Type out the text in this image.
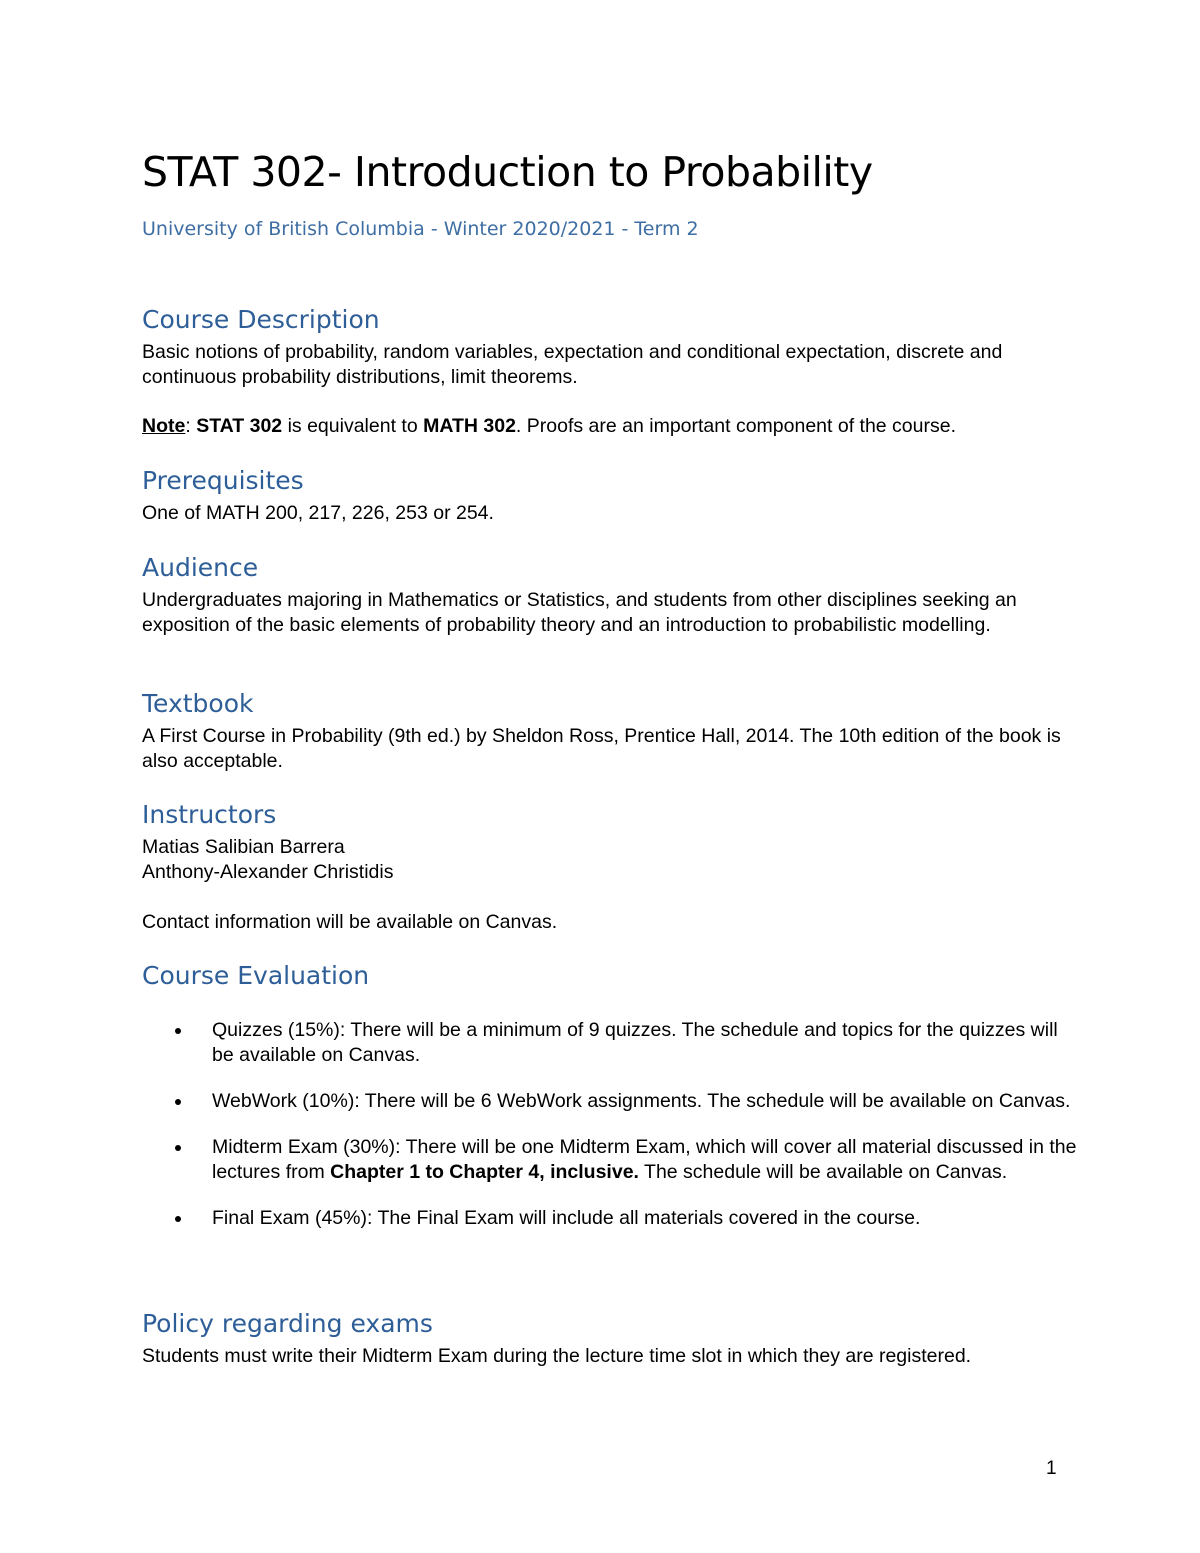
STAT 302- Introduction to Probability

University of British Columbia - Winter 2020/2021 - Term 2

Course Description

Basic notions of probability, random variables, expectation and conditional expectation, discrete and continuous probability distributions, limit theorems.

Note: STAT 302 is equivalent to MATH 302. Proofs are an important component of the course.

Prerequisites

One of MATH 200, 217, 226, 253 or 254.

Audience

Undergraduates majoring in Mathematics or Statistics, and students from other disciplines seeking an exposition of the basic elements of probability theory and an introduction to probabilistic modelling.

Textbook

A First Course in Probability (9th ed.) by Sheldon Ross, Prentice Hall, 2014. The 10th edition of the book is also acceptable.

Instructors

Matias Salibian Barrera

Anthony-Alexander Christidis

Contact information will be available on Canvas.

Course Evaluation
Quizzes (15%): There will be a minimum of 9 quizzes. The schedule and topics for the quizzes will be available on Canvas.
WebWork (10%): There will be 6 WebWork assignments. The schedule will be available on Canvas.
Midterm Exam (30%): There will be one Midterm Exam, which will cover all material discussed in the lectures from Chapter 1 to Chapter 4, inclusive. The schedule will be available on Canvas.
Final Exam (45%): The Final Exam will include all materials covered in the course.
Policy regarding exams

Students must write their Midterm Exam during the lecture time slot in which they are registered.

1
